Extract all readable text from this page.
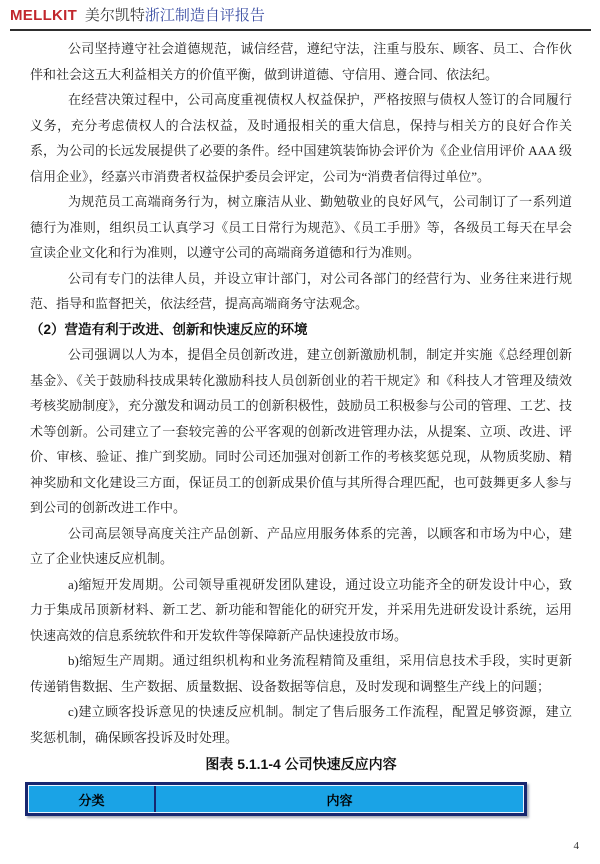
MELLKIT 美尔凯特浙江制造自评报告

公司坚持遵守社会道德规范，诚信经营，遵纪守法，注重与股东、顾客、员工、合作伙伴和社会这五大利益相关方的价值平衡，做到讲道德、守信用、遵合同、依法纪。

在经营决策过程中，公司高度重视债权人权益保护，严格按照与债权人签订的合同履行义务，充分考虑债权人的合法权益，及时通报相关的重大信息，保持与相关方的良好合作关系，为公司的长远发展提供了必要的条件。经中国建筑装饰协会评价为《企业信用评价 AAA 级信用企业》，经嘉兴市消费者权益保护委员会评定，公司为“消费者信得过单位”。

为规范员工高端商务行为，树立廉洁从业、勤勉敬业的良好风气，公司制订了一系列道德行为准则，组织员工认真学习《员工日常行为规范》、《员工手册》等，各级员工每天在早会宣读企业文化和行为准则，以遵守公司的高端商务道德和行为准则。

公司有专门的法律人员，并设立审计部门，对公司各部门的经营行为、业务往来进行规范、指导和监督把关，依法经营，提高高端商务守法观念。

（2）营造有利于改进、创新和快速反应的环境

公司强调以人为本，提倡全员创新改进，建立创新激励机制，制定并实施《总经理创新基金》、《关于鼓励科技成果转化激励科技人员创新创业的若干规定》和《科技人才管理及绩效考核奖励制度》，充分激发和调动员工的创新积极性，鼓励员工积极参与公司的管理、工艺、技术等创新。公司建立了一套较完善的公平客观的创新改进管理办法，从提案、立项、改进、评价、审核、验证、推广到奖励。同时公司还加强对创新工作的考核奖惩兑现，从物质奖励、精神奖励和文化建设三方面，保证员工的创新成果价值与其所得合理匹配，也可鼓舞更多人参与到公司的创新改进工作中。

公司高层领导高度关注产品创新、产品应用服务体系的完善，以顾客和市场为中心，建立了企业快速反应机制。

a)缩短开发周期。公司领导重视研发团队建设，通过设立功能齐全的研发设计中心，致力于集成吊顶新材料、新工艺、新功能和智能化的研究开发，并采用先进研发设计系统，运用快速高效的信息系统软件和开发软件等保障新产品快速投放市场。

b)缩短生产周期。通过组织机构和业务流程精简及重组，采用信息技术手段，实时更新传递销售数据、生产数据、质量数据、设备数据等信息，及时发现和调整生产线上的问题；

c)建立顾客投诉意见的快速反应机制。制定了售后服务工作流程，配置足够资源，建立奖惩机制，确保顾客投诉及时处理。

图表 5.1.1-4 公司快速反应内容

分类	内容
4
